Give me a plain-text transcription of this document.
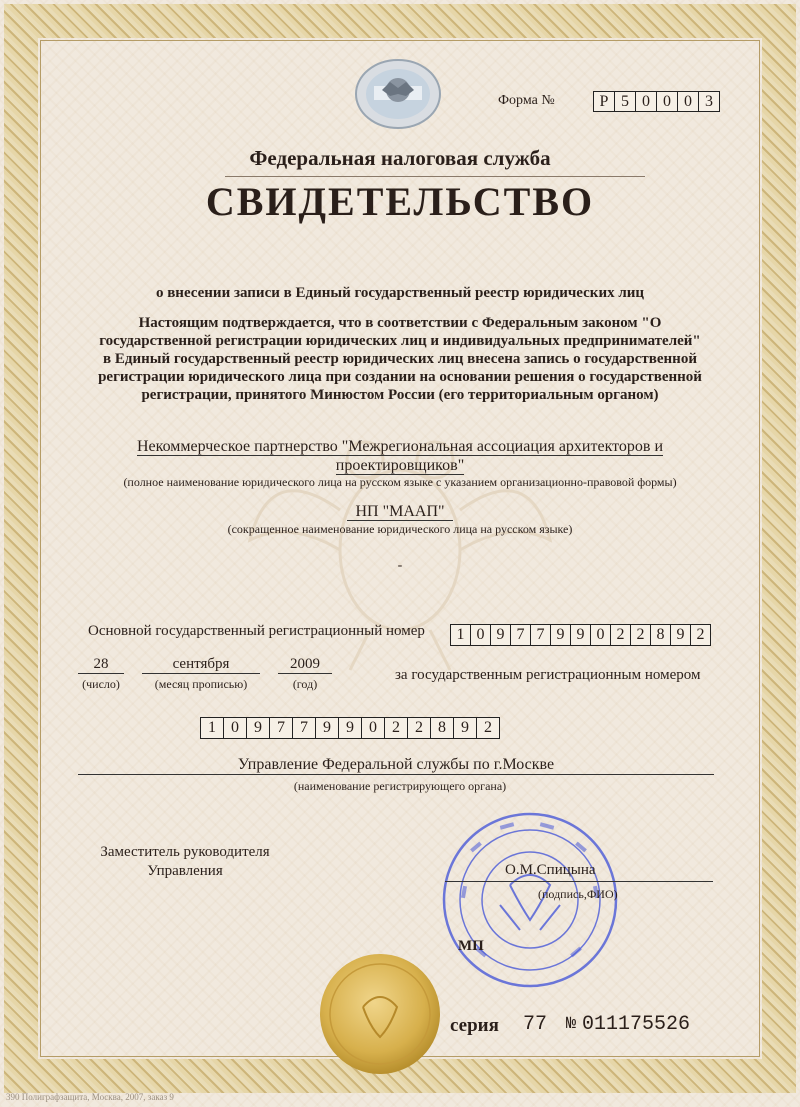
Форма №	Р 5 0 0 0 3
Федеральная налоговая служба
СВИДЕТЕЛЬСТВО
о внесении записи в Единый государственный реестр юридических лиц
Настоящим подтверждается, что в соответствии с Федеральным законом "О
государственной регистрации юридических лиц и индивидуальных предпринимателей"
в Единый государственный реестр юридических лиц внесена запись о государственной
регистрации юридического лица при создании на основании решения о государственной
регистрации, принятого Минюстом России (его территориальным органом)
Некоммерческое партнерство "Межрегиональная ассоциация архитекторов и
проектировщиков"
(полное наименование юридического лица на русском языке с указанием организационно-правовой формы)
НП "МААП"
(сокращенное наименование юридического лица на русском языке)
-
Основной государственный регистрационный номер	1 0 9 7 7 9 9 0 2 2 8 9 2
28
(число)
сентября
(месяц прописью)
2009
(год)
за государственным регистрационным номером
1 0 9 7 7 9 9 0 2 2 8 9 2
Управление Федеральной службы по г.Москве
(наименование регистрирующего органа)
Заместитель руководителя
Управления	О.М.Спицына
(подпись,ФИО)
МП
серия 77 № 011175526
390 Полиграфзащита, Москва, 2007, заказ 9
